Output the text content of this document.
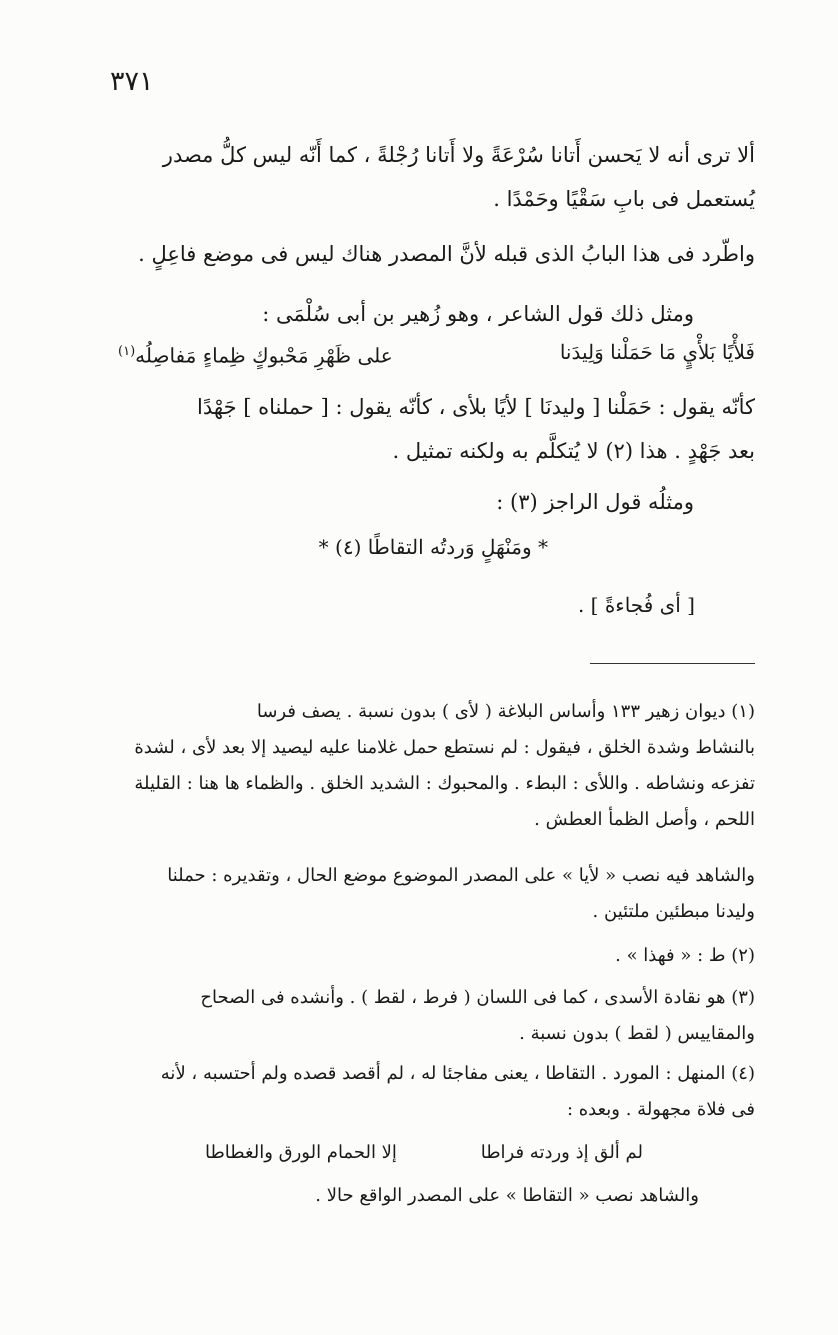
٣٧١

ألا ترى أنه لا يَحسن أَتانا سُرْعَةً ولا أَتانا رُجْلةً ، كما أَنّه ليس كلُّ مصدر

يُستعمل فى بابِ سَقْيًا وحَمْدًا .

واطّرد فى هذا البابُ الذى قبله لأنَّ المصدر هناك ليس فى موضع فاعِلٍ .

ومثل ذلك قول الشاعر ، وهو زُهير بن أبى سُلْمَى :

فَلأْيًا بَلأْيٍ مَا حَمَلْنا وَلِيدَنا
على ظَهْرِ مَحْبوكٍ ظِماءٍ مَفاصِلُه$^{(١)}$

كأنّه يقول : حَمَلْنا [ وليدنَا ] لأيًا بلأى ، كأنّه يقول : [ حملناه ] جَهْدًا

بعد جَهْدٍ . هذا (٢) لا يُتكلَّم به ولكنه تمثيل .

ومثلُه قول الراجز (٣) :

* ومَنْهَلٍ وَردتُه التقاطًا (٤) *
[ أى فُجاءةً ] .
(١) ديوان زهير ١٣٣ وأساس البلاغة ( لأى ) بدون نسبة . يصف فرسا
بالنشاط وشدة الخلق ، فيقول : لم نستطع حمل غلامنا عليه ليصيد إلا بعد لأى ، لشدة
تفزعه ونشاطه . واللأى : البطء . والمحبوك : الشديد الخلق . والظماء ها هنا : القليلة
اللحم ، وأصل الظمأ العطش .
والشاهد فيه نصب « لأيا » على المصدر الموضوع موضع الحال ، وتقديره : حملنا
وليدنا مبطئين ملتئين .
(٢) ط : « فهذا » .
(٣) هو نقادة الأسدى ، كما فى اللسان ( فرط ، لقط ) . وأنشده فى الصحاح
والمقاييس ( لقط ) بدون نسبة .
(٤) المنهل : المورد . التقاطا ، يعنى مفاجئا له ، لم أقصد قصده ولم أحتسبه ، لأنه
فى فلاة مجهولة . وبعده :
لم ألق إذ وردته فراطا
إلا الحمام الورق والغطاطا
والشاهد نصب « التقاطا » على المصدر الواقع حالا .
